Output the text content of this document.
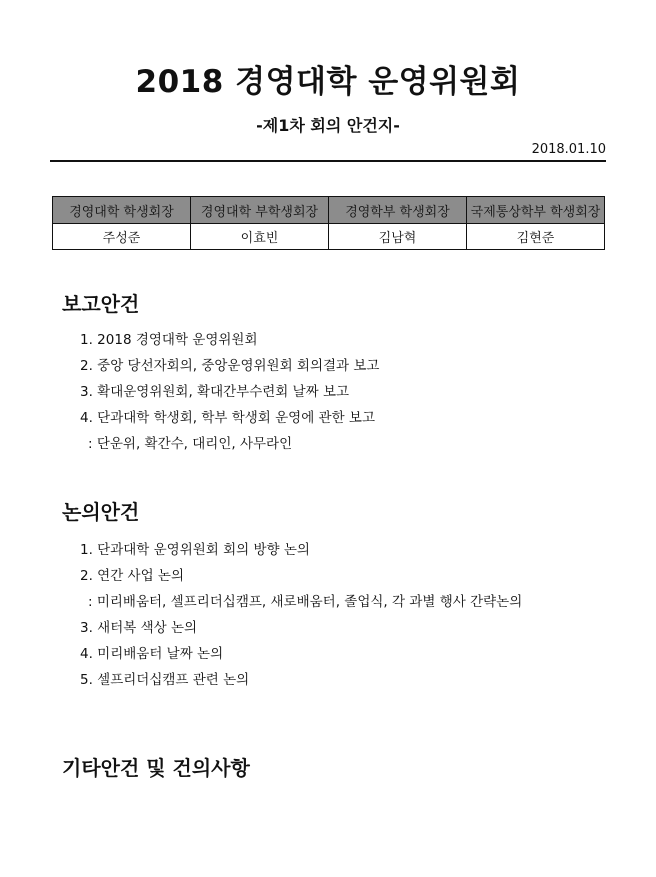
2018 경영대학 운영위원회
-제1차 회의 안건지-
2018.01.10
경영대학 학생회장	경영대학 부학생회장	경영학부 학생회장	국제통상학부 학생회장
주성준	이효빈	김남혁	김현준
보고안건
1. 2018 경영대학 운영위원회
2. 중앙 당선자회의, 중앙운영위원회 회의결과 보고
3. 확대운영위원회, 확대간부수련회 날짜 보고
4. 단과대학 학생회, 학부 학생회 운영에 관한 보고
: 단운위, 확간수, 대리인, 사무라인
논의안건
1. 단과대학 운영위원회 회의 방향 논의
2. 연간 사업 논의
: 미리배움터, 셀프리더십캠프, 새로배움터, 졸업식, 각 과별 행사 간략논의
3. 새터복 색상 논의
4. 미리배움터 날짜 논의
5. 셀프리더십캠프 관련 논의
기타안건 및 건의사항
